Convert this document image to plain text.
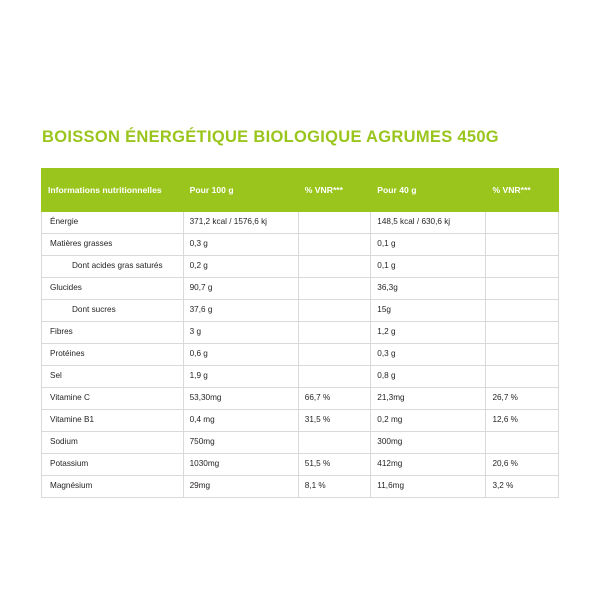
BOISSON ÉNERGÉTIQUE BIOLOGIQUE AGRUMES 450G
Informations nutritionnelles	Pour 100 g	% VNR***	Pour 40 g	% VNR***
Énergie	371,2 kcal / 1576,6 kj		148,5 kcal / 630,6 kj	
Matières grasses	0,3 g		0,1 g	
Dont acides gras saturés	0,2 g		0,1 g	
Glucides	90,7 g		36,3g	
Dont sucres	37,6 g		15g	
Fibres	3 g		1,2 g	
Protéines	0,6 g		0,3 g	
Sel	1,9 g		0,8 g	
Vitamine C	53,30mg	66,7 %	21,3mg	26,7 %
Vitamine B1	0,4 mg	31,5 %	0,2 mg	12,6 %
Sodium	750mg		300mg	
Potassium	1030mg	51,5 %	412mg	20,6 %
Magnésium	29mg	8,1 %	11,6mg	3,2 %
